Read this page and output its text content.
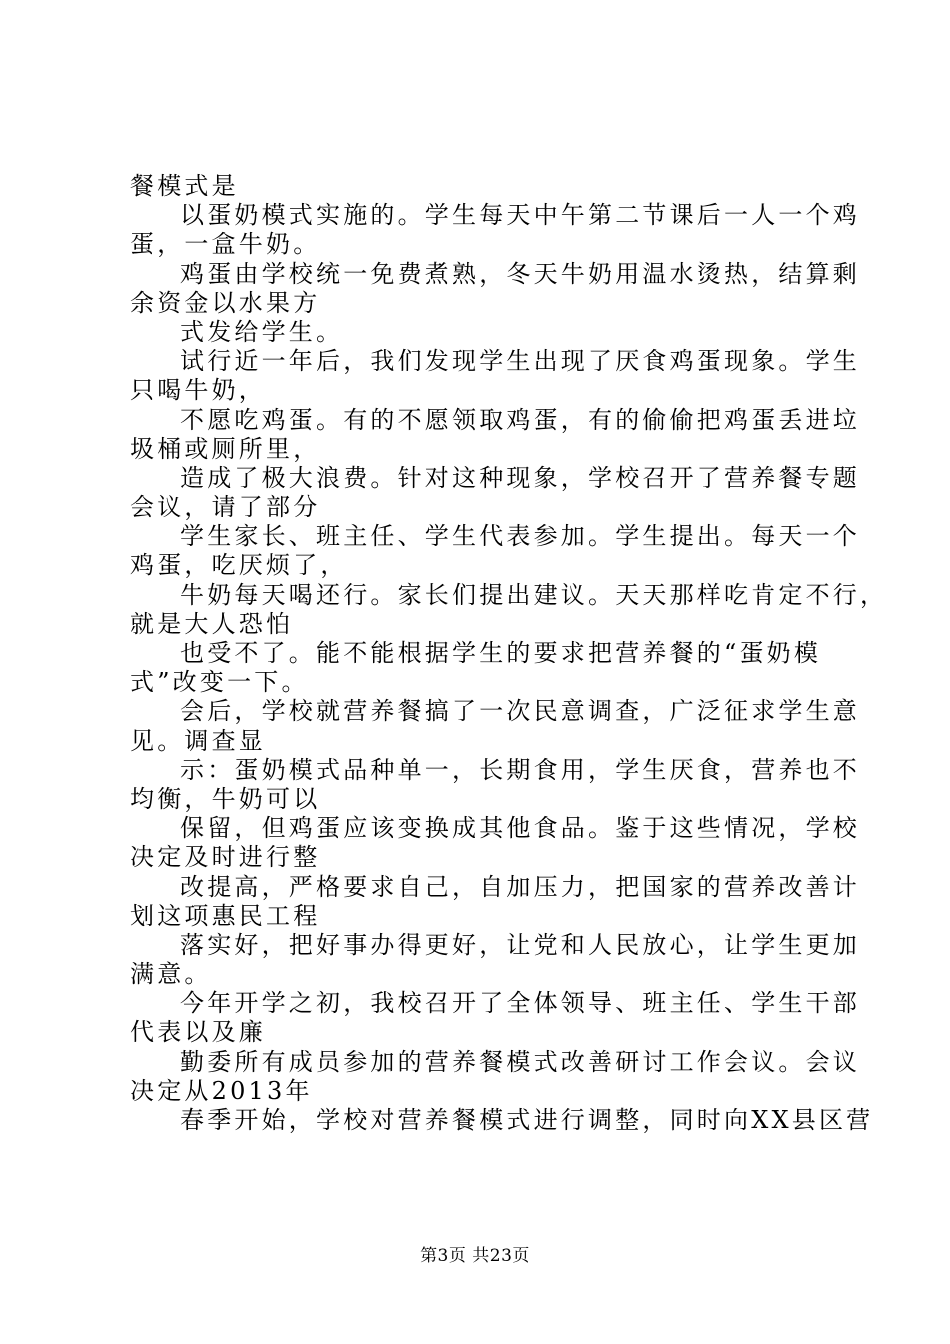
餐模式是
以蛋奶模式实施的。学生每天中午第二节课后一人一个鸡
蛋，一盒牛奶。
鸡蛋由学校统一免费煮熟，冬天牛奶用温水烫热，结算剩
余资金以水果方
式发给学生。
试行近一年后，我们发现学生出现了厌食鸡蛋现象。学生
只喝牛奶，
不愿吃鸡蛋。有的不愿领取鸡蛋，有的偷偷把鸡蛋丢进垃
圾桶或厕所里，
造成了极大浪费。针对这种现象，学校召开了营养餐专题
会议，请了部分
学生家长、班主任、学生代表参加。学生提出。每天一个
鸡蛋，吃厌烦了，
牛奶每天喝还行。家长们提出建议。天天那样吃肯定不行，
就是大人恐怕
也受不了。能不能根据学生的要求把营养餐的“蛋奶模
式”改变一下。
会后，学校就营养餐搞了一次民意调查，广泛征求学生意
见。调查显
示：蛋奶模式品种单一，长期食用，学生厌食，营养也不
均衡，牛奶可以
保留，但鸡蛋应该变换成其他食品。鉴于这些情况，学校
决定及时进行整
改提高，严格要求自己，自加压力，把国家的营养改善计
划这项惠民工程
落实好，把好事办得更好，让党和人民放心，让学生更加
满意。
今年开学之初，我校召开了全体领导、班主任、学生干部
代表以及廉
勤委所有成员参加的营养餐模式改善研讨工作会议。会议
决定从2013年
春季开始，学校对营养餐模式进行调整，同时向XX县区营
第3页 共23页
